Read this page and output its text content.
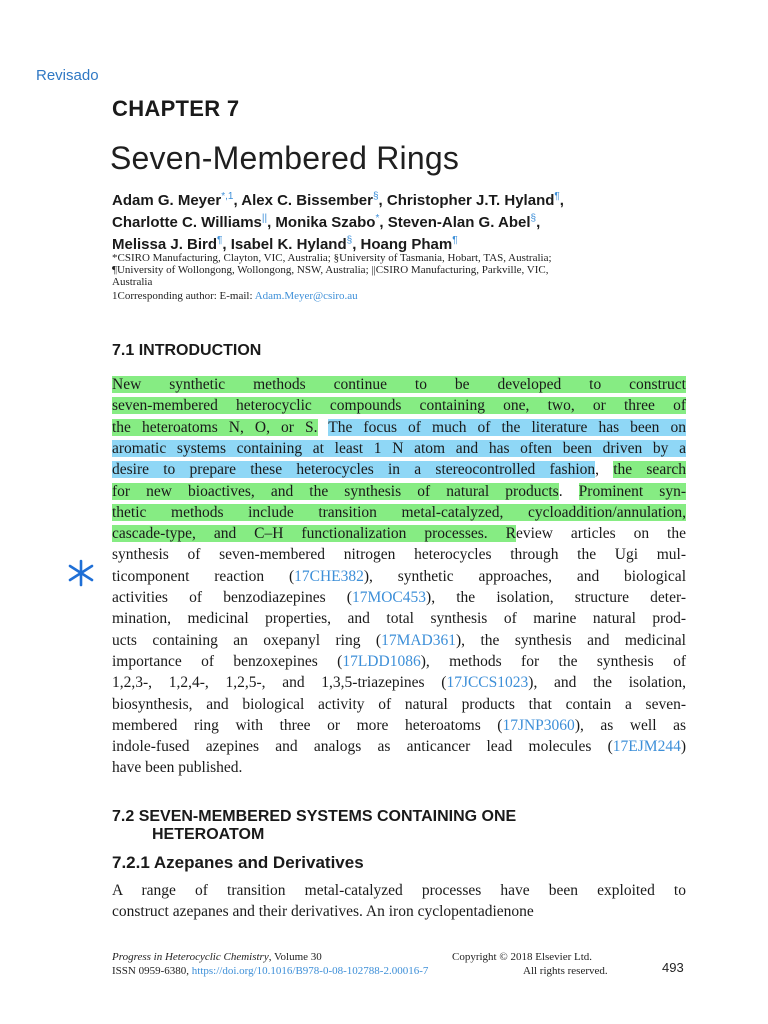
Revisado
CHAPTER 7
Seven-Membered Rings
Adam G. Meyer$^{*,1}$, Alex C. Bissember§, Christopher J.T. Hyland¶,
Charlotte C. Williams||, Monika Szabo*, Steven-Alan G. Abel§,
Melissa J. Bird¶, Isabel K. Hyland§, Hoang Pham¶
*CSIRO Manufacturing, Clayton, VIC, Australia; §University of Tasmania, Hobart, TAS, Australia;
¶University of Wollongong, Wollongong, NSW, Australia; ||CSIRO Manufacturing, Parkville, VIC,
Australia
1Corresponding author: E-mail: Adam.Meyer@csiro.au
7.1 INTRODUCTION
New synthetic methods continue to be developed to construct
seven-membered heterocyclic compounds containing one, two, or three of
the heteroatoms N, O, or S. The focus of much of the literature has been on
aromatic systems containing at least 1 N atom and has often been driven by a
desire to prepare these heterocycles in a stereocontrolled fashion, the search
for new bioactives, and the synthesis of natural products. Prominent syn-
thetic methods include transition metal-catalyzed, cycloaddition/annulation,
cascade-type, and C–H functionalization processes. Review articles on the
synthesis of seven-membered nitrogen heterocycles through the Ugi mul-
ticomponent reaction (17CHE382), synthetic approaches, and biological
activities of benzodiazepines (17MOC453), the isolation, structure deter-
mination, medicinal properties, and total synthesis of marine natural prod-
ucts containing an oxepanyl ring (17MAD361), the synthesis and medicinal
importance of benzoxepines (17LDD1086), methods for the synthesis of
1,2,3-, 1,2,4-, 1,2,5-, and 1,3,5-triazepines (17JCCS1023), and the isolation,
biosynthesis, and biological activity of natural products that contain a seven-
membered ring with three or more heteroatoms (17JNP3060), as well as
indole-fused azepines and analogs as anticancer lead molecules (17EJM244)
have been published.
7.2 SEVEN-MEMBERED SYSTEMS CONTAINING ONE
HETEROATOM
7.2.1 Azepanes and Derivatives
A range of transition metal-catalyzed processes have been exploited to
construct azepanes and their derivatives. An iron cyclopentadienone
Progress in Heterocyclic Chemistry, Volume 30
ISSN 0959-6380, https://doi.org/10.1016/B978-0-08-102788-2.00016-7
Copyright © 2018 Elsevier Ltd.
All rights reserved.	493
